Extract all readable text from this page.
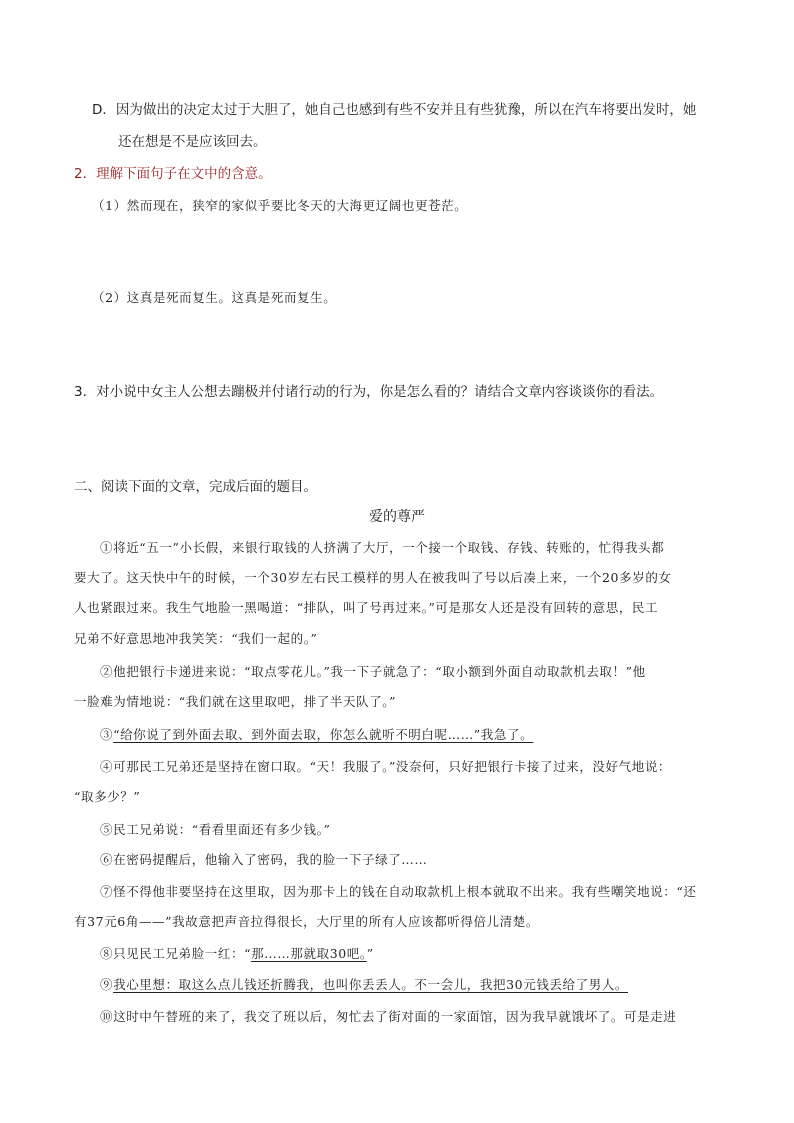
D．因为做出的决定太过于大胆了，她自己也感到有些不安并且有些犹豫，所以在汽车将要出发时，她
还在想是不是应该回去。
2．理解下面句子在文中的含意。
（1）然而现在，狭窄的家似乎要比冬天的大海更辽阔也更苍茫。
（2）这真是死而复生。这真是死而复生。
3．对小说中女主人公想去蹦极并付诸行动的行为，你是怎么看的？请结合文章内容谈谈你的看法。
二、阅读下面的文章，完成后面的题目。
爱的尊严
①将近“五一”小长假，来银行取钱的人挤满了大厅，一个接一个取钱、存钱、转账的，忙得我头都
要大了。这天快中午的时候，一个30岁左右民工模样的男人在被我叫了号以后凑上来，一个20多岁的女
人也紧跟过来。我生气地脸一黑喝道：“排队，叫了号再过来。”可是那女人还是没有回转的意思，民工
兄弟不好意思地冲我笑笑：“我们一起的。”
②他把银行卡递进来说：“取点零花儿。”我一下子就急了：“取小额到外面自动取款机去取！”他
一脸难为情地说：“我们就在这里取吧，排了半天队了。”
③“给你说了到外面去取、到外面去取，你怎么就听不明白呢……”我急了。
④可那民工兄弟还是坚持在窗口取。“天！我服了。”没奈何，只好把银行卡接了过来，没好气地说：
“取多少？”
⑤民工兄弟说：“看看里面还有多少钱。”
⑥在密码提醒后，他输入了密码，我的脸一下子绿了……
⑦怪不得他非要坚持在这里取，因为那卡上的钱在自动取款机上根本就取不出来。我有些嘲笑地说：“还
有37元6角——”我故意把声音拉得很长，大厅里的所有人应该都听得倍儿清楚。
⑧只见民工兄弟脸一红：“那……那就取30吧。”
⑨我心里想：取这么点儿钱还折腾我，也叫你丢丢人。不一会儿，我把30元钱丢给了男人。
⑩这时中午替班的来了，我交了班以后，匆忙去了街对面的一家面馆，因为我早就饿坏了。可是走进
